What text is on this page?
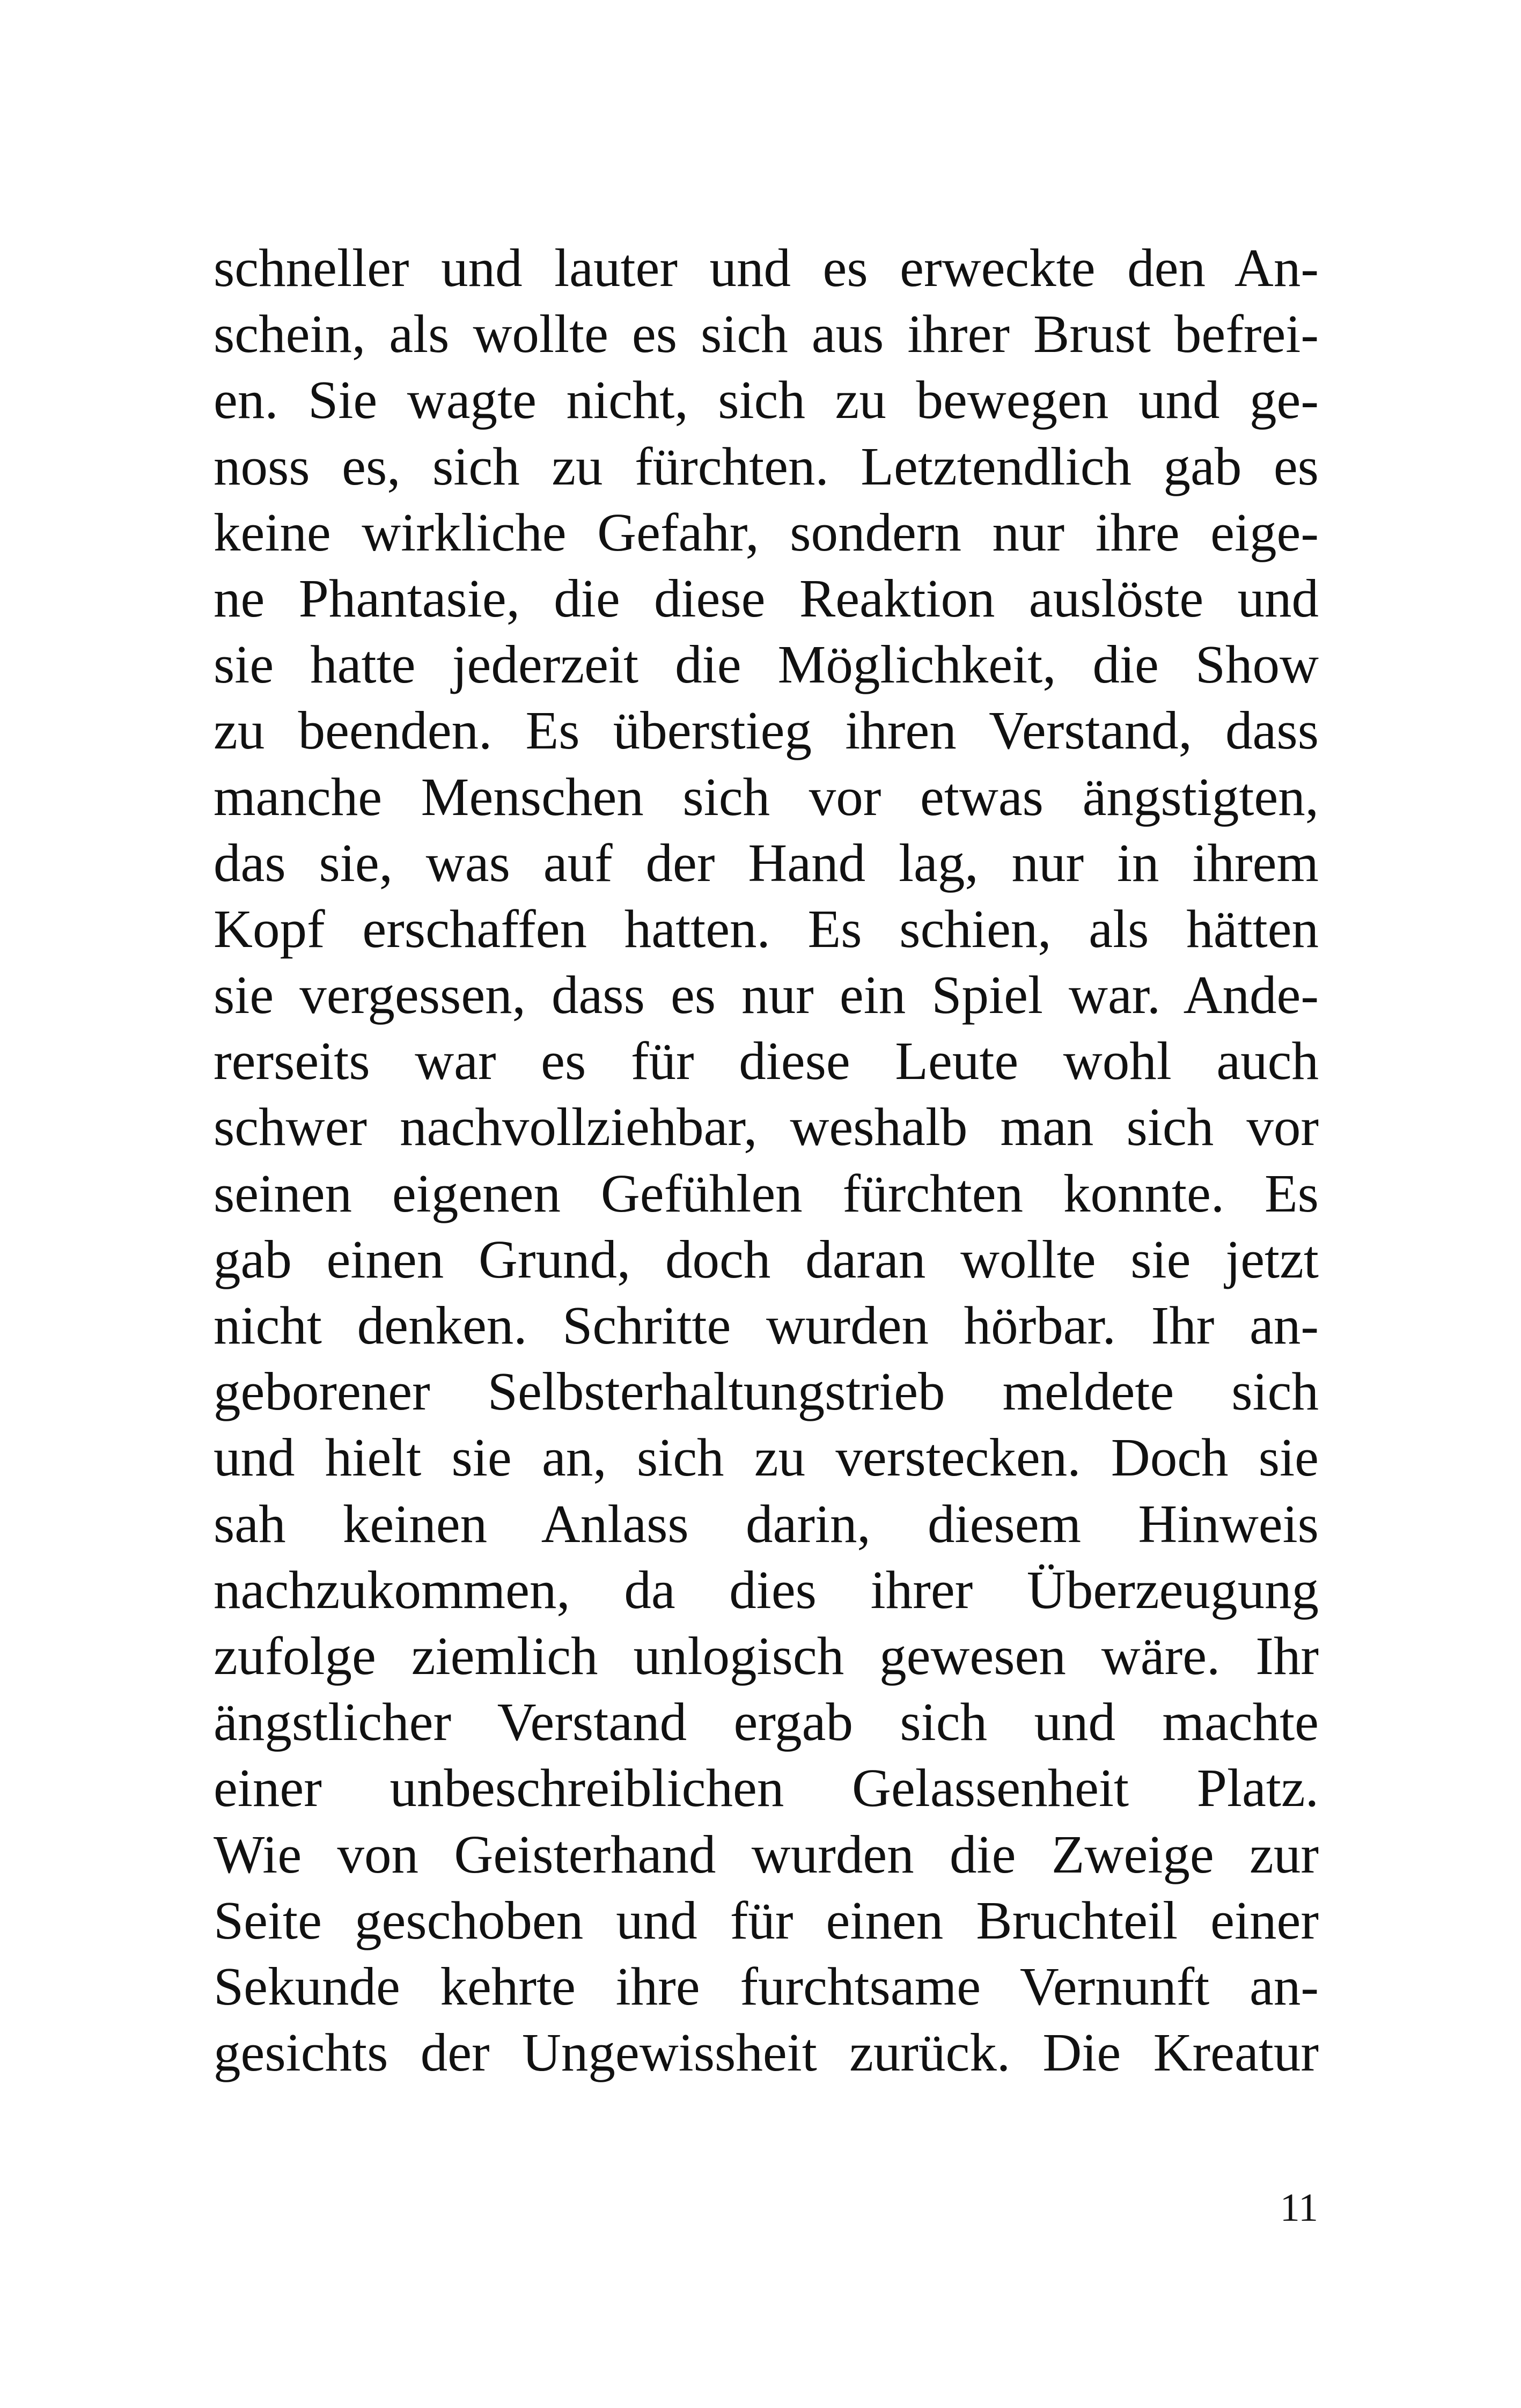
schneller und lauter und es erweckte den An-
schein, als wollte es sich aus ihrer Brust befrei-
en. Sie wagte nicht, sich zu bewegen und ge-
noss es, sich zu fürchten. Letztendlich gab es
keine wirkliche Gefahr, sondern nur ihre eige-
ne Phantasie, die diese Reaktion auslöste und
sie hatte jederzeit die Möglichkeit, die Show
zu beenden. Es überstieg ihren Verstand, dass
manche Menschen sich vor etwas ängstigten,
das sie, was auf der Hand lag, nur in ihrem
Kopf erschaffen hatten. Es schien, als hätten
sie vergessen, dass es nur ein Spiel war. Ande-
rerseits war es für diese Leute wohl auch
schwer nachvollziehbar, weshalb man sich vor
seinen eigenen Gefühlen fürchten konnte. Es
gab einen Grund, doch daran wollte sie jetzt
nicht denken. Schritte wurden hörbar. Ihr an-
geborener Selbsterhaltungstrieb meldete sich
und hielt sie an, sich zu verstecken. Doch sie
sah keinen Anlass darin, diesem Hinweis
nachzukommen, da dies ihrer Überzeugung
zufolge ziemlich unlogisch gewesen wäre. Ihr
ängstlicher Verstand ergab sich und machte
einer unbeschreiblichen Gelassenheit Platz.
Wie von Geisterhand wurden die Zweige zur
Seite geschoben und für einen Bruchteil einer
Sekunde kehrte ihre furchtsame Vernunft an-
gesichts der Ungewissheit zurück. Die Kreatur
11
